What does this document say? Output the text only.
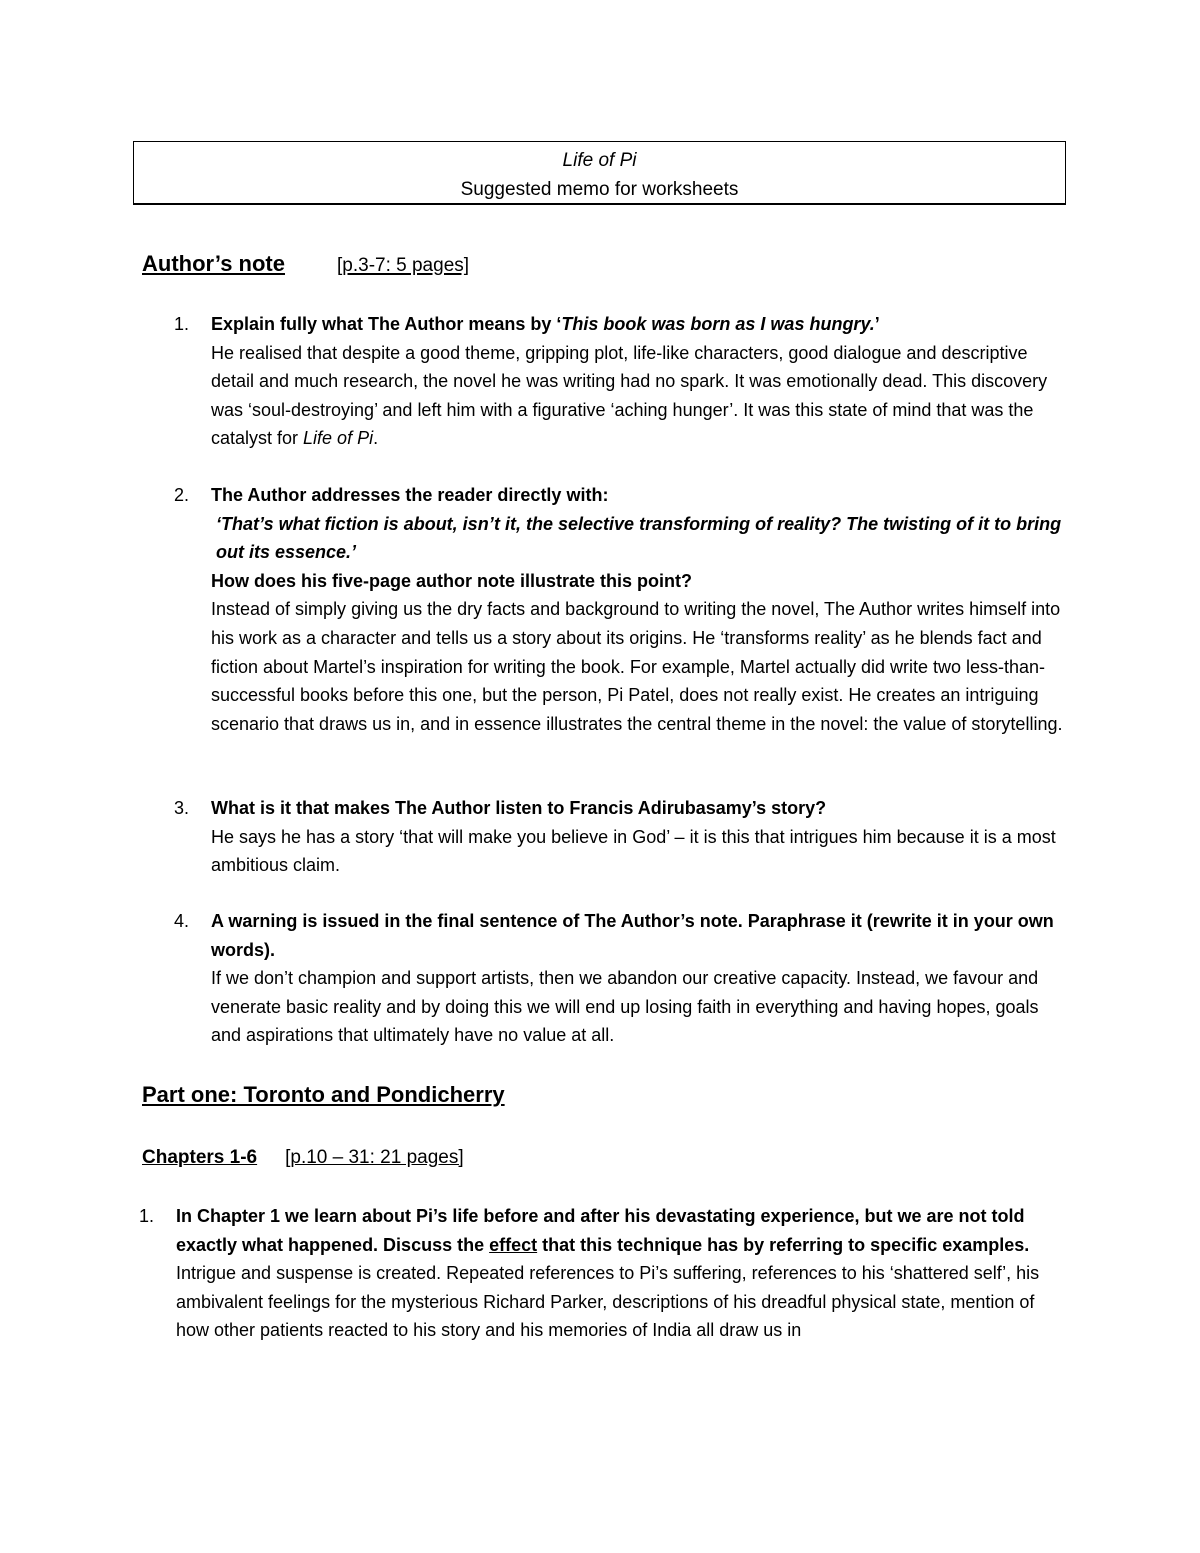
Life of Pi
Suggested memo for worksheets
Author’s note	[p.3-7: 5 pages]
1. Explain fully what The Author means by ‘This book was born as I was hungry.’
He realised that despite a good theme, gripping plot, life-like characters, good dialogue and descriptive detail and much research, the novel he was writing had no spark. It was emotionally dead. This discovery was ‘soul-destroying’ and left him with a figurative ‘aching hunger’. It was this state of mind that was the catalyst for Life of Pi.
2. The Author addresses the reader directly with:
‘That’s what fiction is about, isn’t it, the selective transforming of reality? The twisting of it to bring out its essence.’
How does his five-page author note illustrate this point?
Instead of simply giving us the dry facts and background to writing the novel, The Author writes himself into his work as a character and tells us a story about its origins. He ‘transforms reality’ as he blends fact and fiction about Martel’s inspiration for writing the book. For example, Martel actually did write two less-than-successful books before this one, but the person, Pi Patel, does not really exist. He creates an intriguing scenario that draws us in, and in essence illustrates the central theme in the novel: the value of storytelling.
3. What is it that makes The Author listen to Francis Adirubasamy’s story?
He says he has a story ‘that will make you believe in God’ – it is this that intrigues him because it is a most ambitious claim.
4. A warning is issued in the final sentence of The Author’s note. Paraphrase it (rewrite it in your own words).
If we don’t champion and support artists, then we abandon our creative capacity. Instead, we favour and venerate basic reality and by doing this we will end up losing faith in everything and having hopes, goals and aspirations that ultimately have no value at all.
Part one: Toronto and Pondicherry
Chapters 1-6 [p.10 – 31: 21 pages]
1. In Chapter 1 we learn about Pi’s life before and after his devastating experience, but we are not told exactly what happened. Discuss the effect that this technique has by referring to specific examples.
Intrigue and suspense is created. Repeated references to Pi’s suffering, references to his ‘shattered self’, his ambivalent feelings for the mysterious Richard Parker, descriptions of his dreadful physical state, mention of how other patients reacted to his story and his memories of India all draw us in
